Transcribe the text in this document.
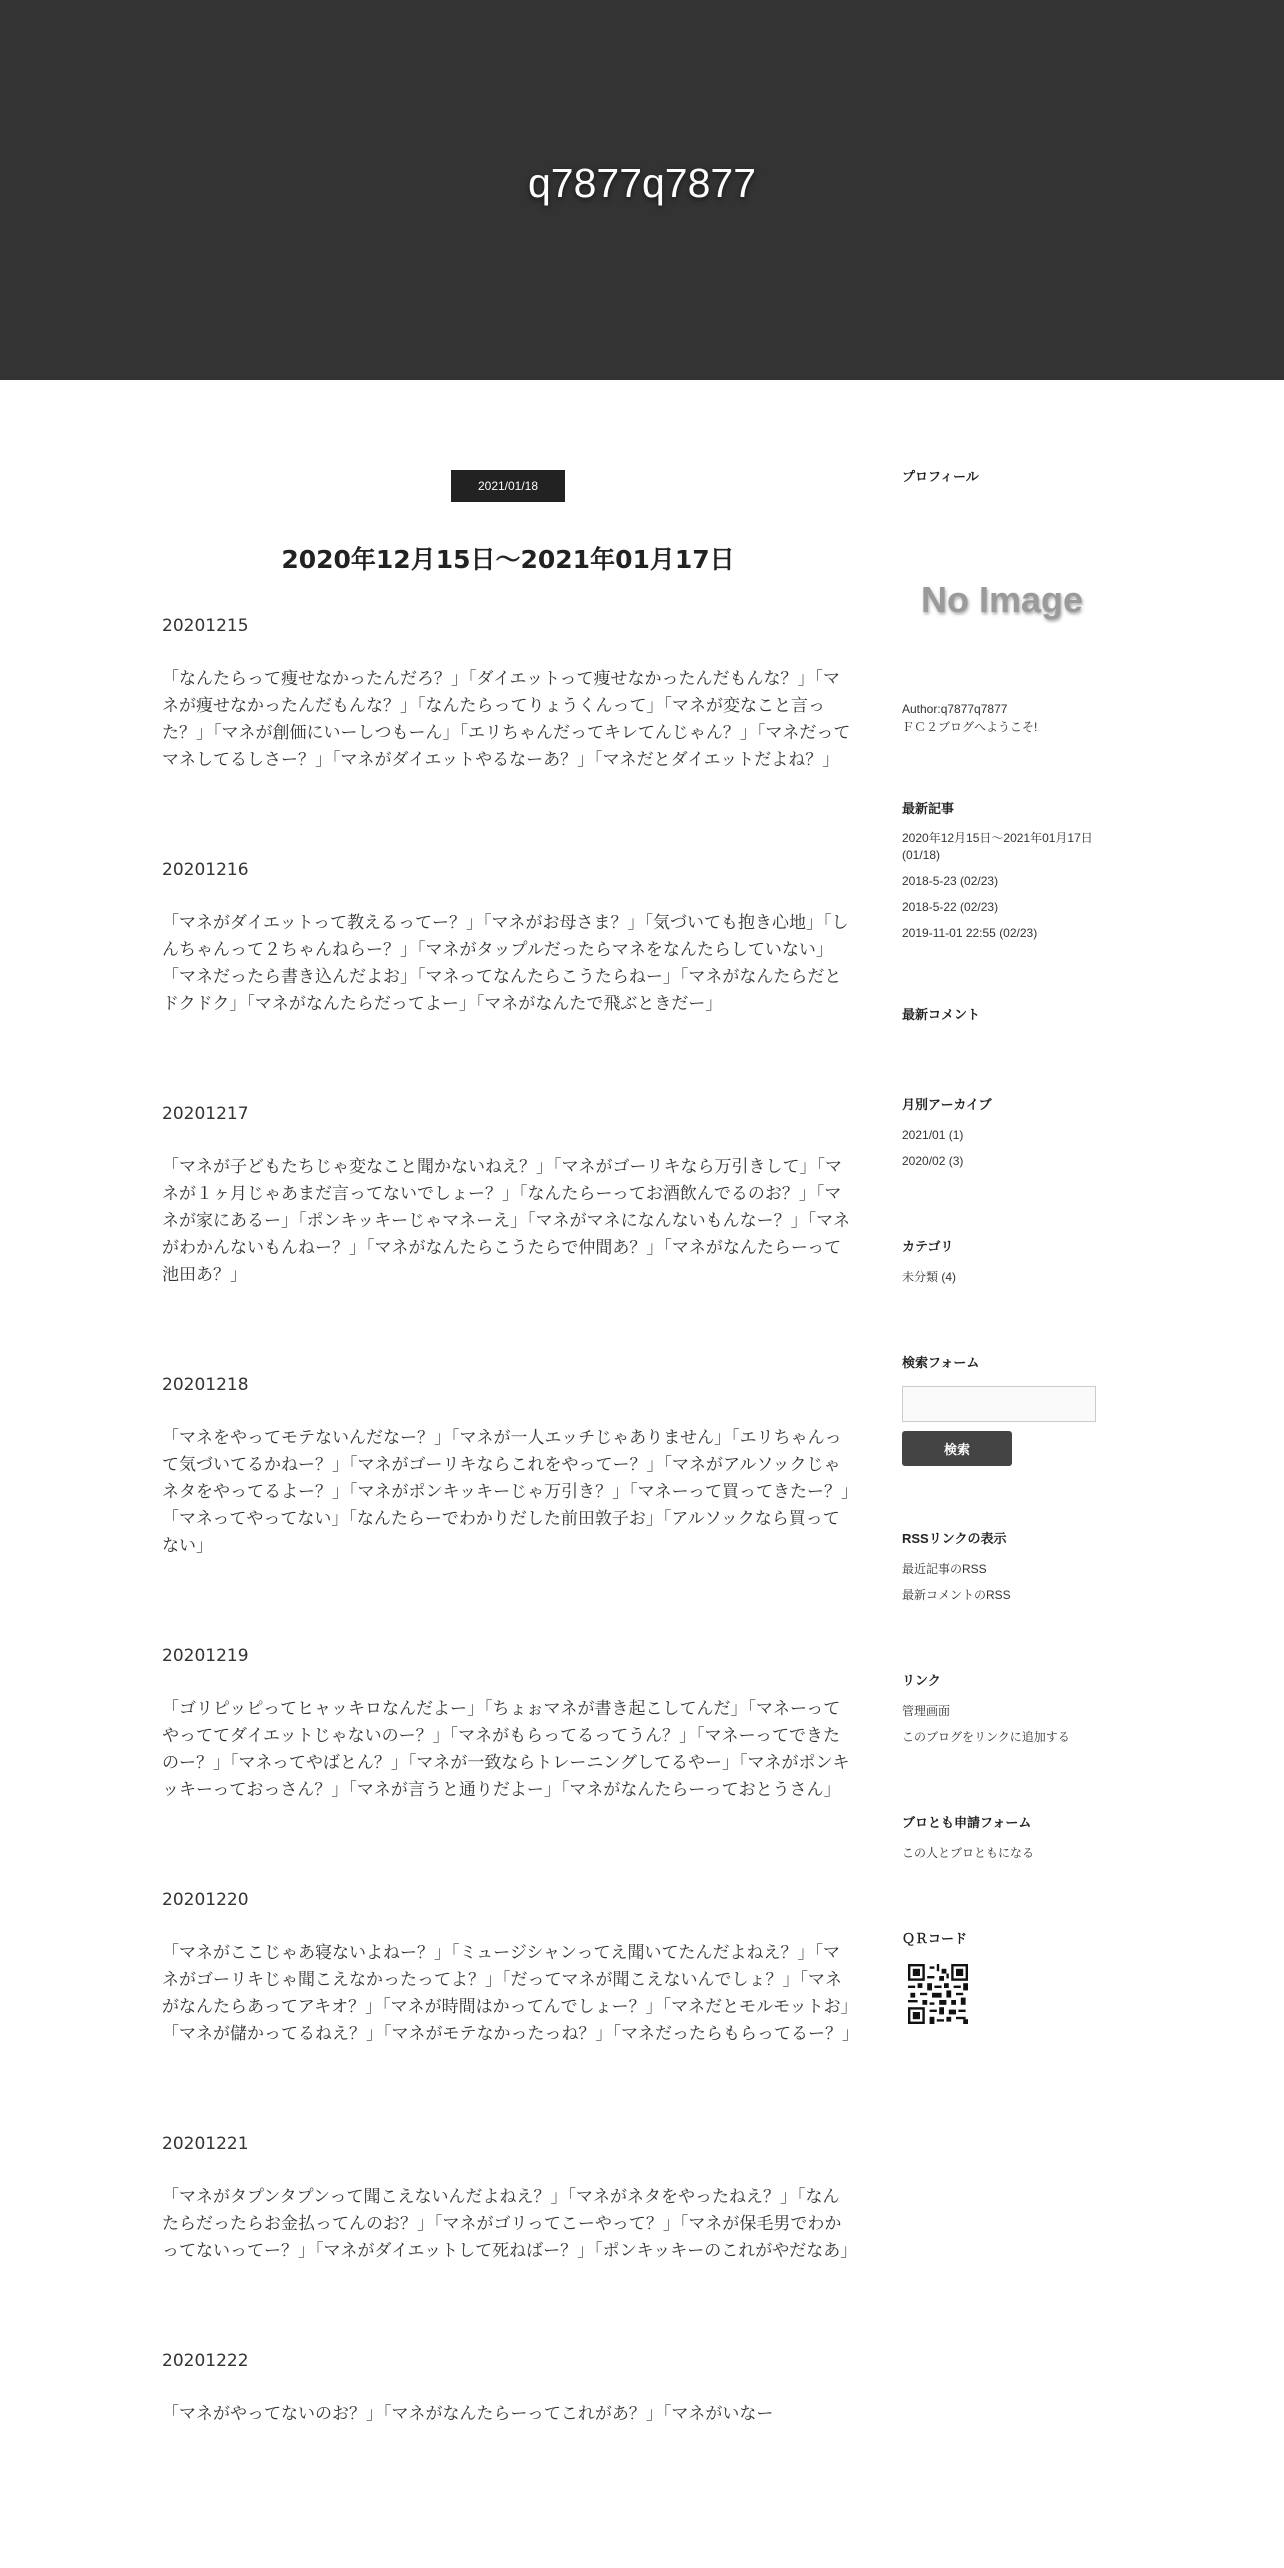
q7877q7877
2021/01/18
2020年12月15日～2021年01月17日
20201215
「なんたらって痩せなかったんだろ？」「ダイエットって痩せなかったんだもんな？」「マネが痩せなかったんだもんな？」「なんたらってりょうくんって」「マネが変なこと言った？」「マネが創価にいーしつもーん」「エリちゃんだってキレてんじゃん？」「マネだってマネしてるしさー？」「マネがダイエットやるなーあ？」「マネだとダイエットだよね？」
20201216
「マネがダイエットって教えるってー？」「マネがお母さま？」「気づいても抱き心地」「しんちゃんって２ちゃんねらー？」「マネがタップルだったらマネをなんたらしていない」「マネだったら書き込んだよお」「マネってなんたらこうたらねー」「マネがなんたらだとドクドク」「マネがなんたらだってよー」「マネがなんたで飛ぶときだー」
20201217
「マネが子どもたちじゃ変なこと聞かないねえ？」「マネがゴーリキなら万引きして」「マネが１ヶ月じゃあまだ言ってないでしょー？」「なんたらーってお酒飲んでるのお？」「マネが家にあるー」「ポンキッキーじゃマネーえ」「マネがマネになんないもんなー？」「マネがわかんないもんねー？」「マネがなんたらこうたらで仲間あ？」「マネがなんたらーって池田あ？」
20201218
「マネをやってモテないんだなー？」「マネが一人エッチじゃありません」「エリちゃんって気づいてるかねー？」「マネがゴーリキならこれをやってー？」「マネがアルソックじゃネタをやってるよー？」「マネがポンキッキーじゃ万引き？」「マネーって買ってきたー？」「マネってやってない」「なんたらーでわかりだした前田敦子お」「アルソックなら買ってない」
20201219
「ゴリピッピってヒャッキロなんだよー」「ちょぉマネが書き起こしてんだ」「マネーってやっててダイエットじゃないのー？」「マネがもらってるってうん？」「マネーってできたのー？」「マネってやばとん？」「マネが一致ならトレーニングしてるやー」「マネがポンキッキーっておっさん？」「マネが言うと通りだよー」「マネがなんたらーっておとうさん」
20201220
「マネがここじゃあ寝ないよねー？」「ミュージシャンってえ聞いてたんだよねえ？」「マネがゴーリキじゃ聞こえなかったってよ？」「だってマネが聞こえないんでしょ？」「マネがなんたらあってアキオ？」「マネが時間はかってんでしょー？」「マネだとモルモットお」「マネが儲かってるねえ？」「マネがモテなかったっね？」「マネだったらもらってるー？」
20201221
「マネがタプンタプンって聞こえないんだよねえ？」「マネがネタをやったねえ？」「なんたらだったらお金払ってんのお？」「マネがゴリってこーやって？」「マネが保毛男でわかってないってー？」「マネがダイエットして死ねばー？」「ポンキッキーのこれがやだなあ」
20201222
「マネがやってないのお？」「マネがなんたらーってこれがあ？」「マネがいなー
プロフィール
No Image
Author:q7877q7877
ＦＣ２ブログへようこそ!
最新記事
2020年12月15日～2021年01月17日 (01/18)
2018-5-23 (02/23)
2018-5-22 (02/23)
2019-11-01 22:55 (02/23)
最新コメント
月別アーカイブ
2021/01 (1)
2020/02 (3)
カテゴリ
未分類 (4)
検索フォーム
検索
RSSリンクの表示
最近記事のRSS
最新コメントのRSS
リンク
管理画面
このブログをリンクに追加する
ブロとも申請フォーム
この人とブロともになる
ＱＲコード
